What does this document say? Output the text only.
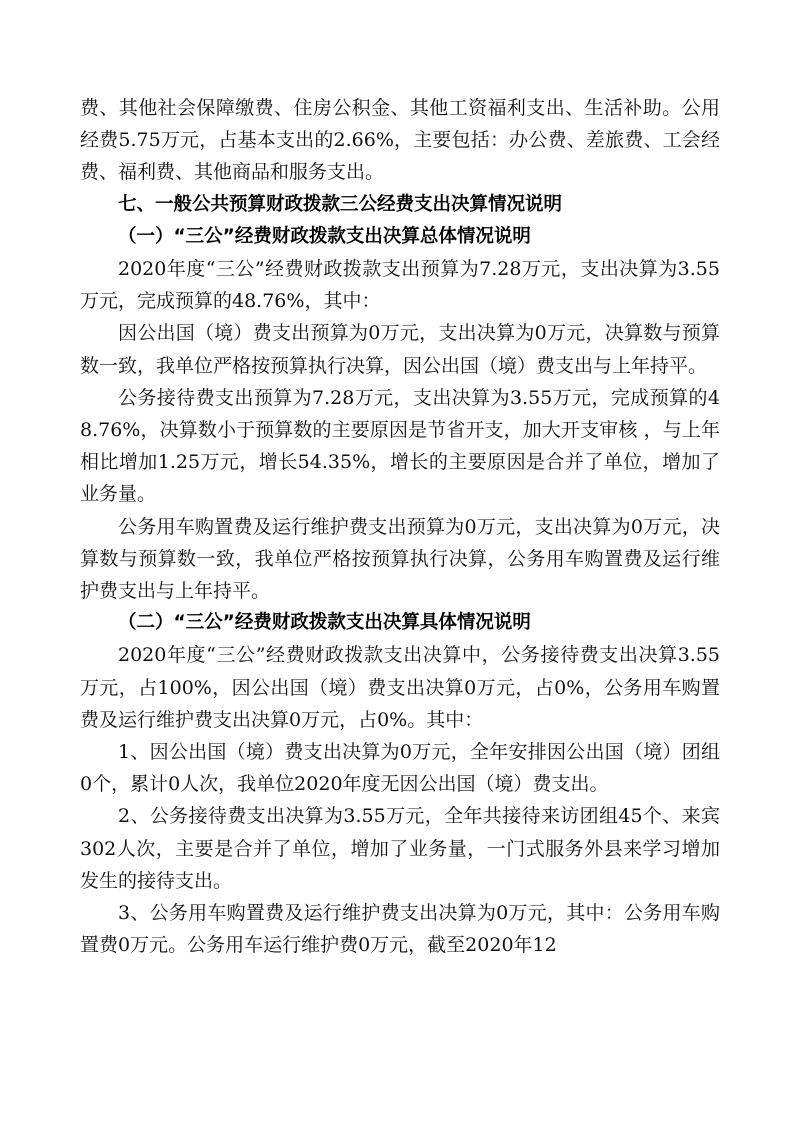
费、其他社会保障缴费、住房公积金、其他工资福利支出、生活补助。公用经费5.75万元，占基本支出的2.66%，主要包括：办公费、差旅费、工会经费、福利费、其他商品和服务支出。

七、一般公共预算财政拨款三公经费支出决算情况说明

（一）“三公”经费财政拨款支出决算总体情况说明

2020年度“三公”经费财政拨款支出预算为7.28万元，支出决算为3.55万元，完成预算的48.76%，其中：

因公出国（境）费支出预算为0万元，支出决算为0万元，决算数与预算数一致，我单位严格按预算执行决算，因公出国（境）费支出与上年持平。

公务接待费支出预算为7.28万元，支出决算为3.55万元，完成预算的48.76%，决算数小于预算数的主要原因是节省开支，加大开支审核 ，与上年相比增加1.25万元，增长54.35%，增长的主要原因是合并了单位，增加了业务量。

公务用车购置费及运行维护费支出预算为0万元，支出决算为0万元，决算数与预算数一致，我单位严格按预算执行决算，公务用车购置费及运行维护费支出与上年持平。

（二）“三公”经费财政拨款支出决算具体情况说明

2020年度“三公”经费财政拨款支出决算中，公务接待费支出决算3.55万元，占100%，因公出国（境）费支出决算0万元，占0%，公务用车购置费及运行维护费支出决算0万元，占0%。其中：

1、因公出国（境）费支出决算为0万元，全年安排因公出国（境）团组0个，累计0人次，我单位2020年度无因公出国（境）费支出。

2、公务接待费支出决算为3.55万元，全年共接待来访团组45个、来宾302人次，主要是合并了单位，增加了业务量，一门式服务外县来学习增加发生的接待支出。

3、公务用车购置费及运行维护费支出决算为0万元，其中：公务用车购置费0万元。公务用车运行维护费0万元，截至2020年12
